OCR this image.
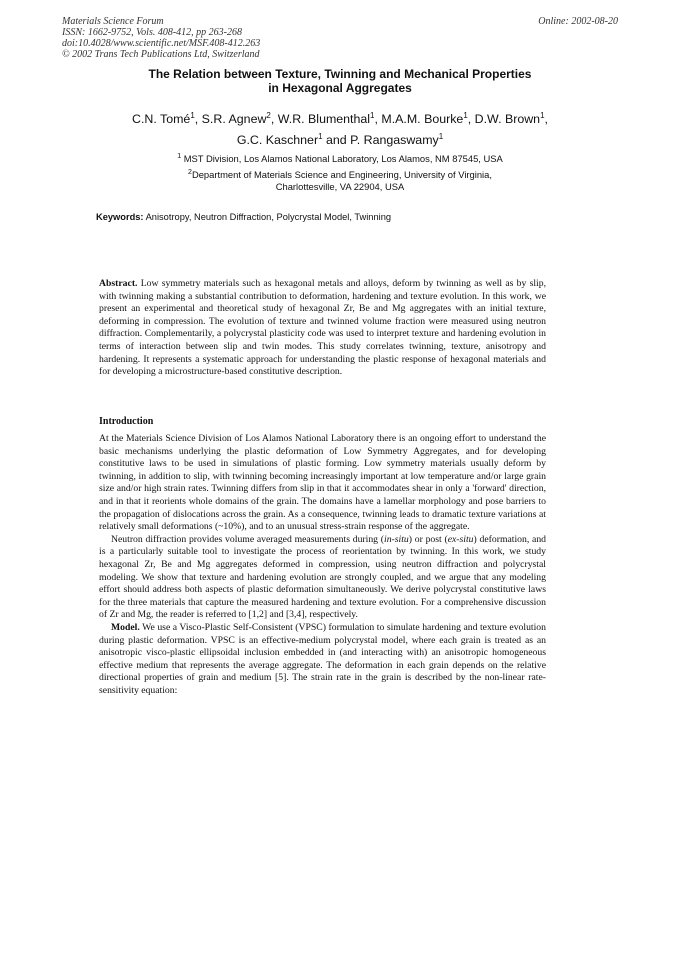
Materials Science Forum
ISSN: 1662-9752, Vols. 408-412, pp 263-268
doi:10.4028/www.scientific.net/MSF.408-412.263
© 2002 Trans Tech Publications Ltd, Switzerland
Online: 2002-08-20
The Relation between Texture, Twinning and Mechanical Properties
in Hexagonal Aggregates
C.N. Tomé$^1$, S.R. Agnew$^2$, W.R. Blumenthal$^1$, M.A.M. Bourke$^1$, D.W. Brown$^1$,
G.C. Kaschner$^1$ and P. Rangaswamy$^1$
$^1$ MST Division, Los Alamos National Laboratory, Los Alamos, NM 87545, USA
$^2$Department of Materials Science and Engineering, University of Virginia,
Charlottesville, VA 22904, USA
Keywords: Anisotropy, Neutron Diffraction, Polycrystal Model, Twinning
Abstract. Low symmetry materials such as hexagonal metals and alloys, deform by twinning as well as by slip, with twinning making a substantial contribution to deformation, hardening and texture evolution. In this work, we present an experimental and theoretical study of hexagonal Zr, Be and Mg aggregates with an initial texture, deforming in compression. The evolution of texture and twinned volume fraction were measured using neutron diffraction. Complementarily, a polycrystal plasticity code was used to interpret texture and hardening evolution in terms of interaction between slip and twin modes. This study correlates twinning, texture, anisotropy and hardening. It represents a systematic approach for understanding the plastic response of hexagonal materials and for developing a microstructure-based constitutive description.
Introduction

At the Materials Science Division of Los Alamos National Laboratory there is an ongoing effort to understand the basic mechanisms underlying the plastic deformation of Low Symmetry Aggregates, and for developing constitutive laws to be used in simulations of plastic forming. Low symmetry materials usually deform by twinning, in addition to slip, with twinning becoming increasingly important at low temperature and/or large grain size and/or high strain rates. Twinning differs from slip in that it accommodates shear in only a 'forward' direction, and in that it reorients whole domains of the grain. The domains have a lamellar morphology and pose barriers to the propagation of dislocations across the grain. As a consequence, twinning leads to dramatic texture variations at relatively small deformations (~10%), and to an unusual stress-strain response of the aggregate.

Neutron diffraction provides volume averaged measurements during (in-situ) or post (ex-situ) deformation, and is a particularly suitable tool to investigate the process of reorientation by twinning. In this work, we study hexagonal Zr, Be and Mg aggregates deformed in compression, using neutron diffraction and polycrystal modeling. We show that texture and hardening evolution are strongly coupled, and we argue that any modeling effort should address both aspects of plastic deformation simultaneously. We derive polycrystal constitutive laws for the three materials that capture the measured hardening and texture evolution. For a comprehensive discussion of Zr and Mg, the reader is referred to [1,2] and [3,4], respectively.

Model. We use a Visco-Plastic Self-Consistent (VPSC) formulation to simulate hardening and texture evolution during plastic deformation. VPSC is an effective-medium polycrystal model, where each grain is treated as an anisotropic visco-plastic ellipsoidal inclusion embedded in (and interacting with) an anisotropic homogeneous effective medium that represents the average aggregate. The deformation in each grain depends on the relative directional properties of grain and medium [5]. The strain rate in the grain is described by the non-linear rate-sensitivity equation:
